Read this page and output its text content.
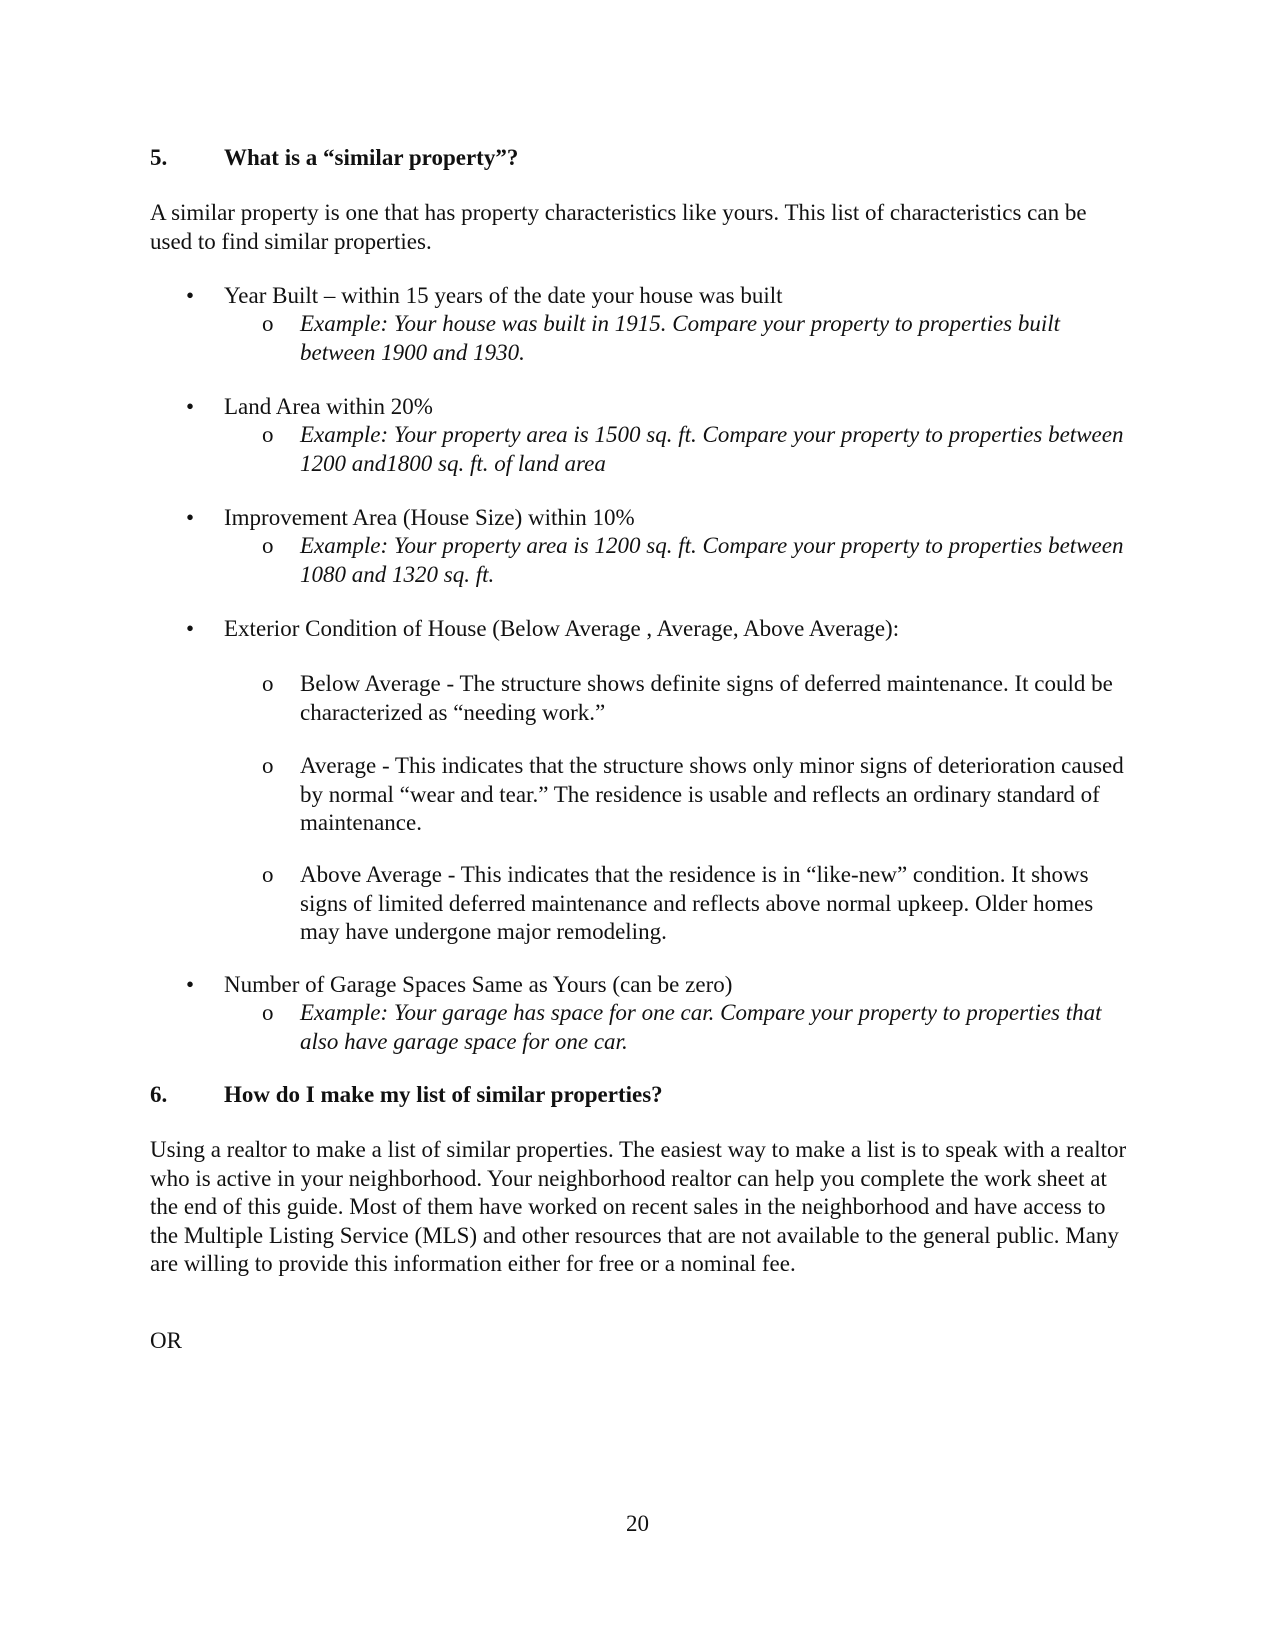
5. What is a “similar property”?
A similar property is one that has property characteristics like yours. This list of characteristics can be used to find similar properties.
• Year Built – within 15 years of the date your house was built
o Example: Your house was built in 1915. Compare your property to properties built between 1900 and 1930.
• Land Area within 20%
o Example: Your property area is 1500 sq. ft. Compare your property to properties between 1200 and1800 sq. ft. of land area
• Improvement Area (House Size) within 10%
o Example: Your property area is 1200 sq. ft. Compare your property to properties between 1080 and 1320 sq. ft.
• Exterior Condition of House (Below Average , Average, Above Average):
o Below Average - The structure shows definite signs of deferred maintenance. It could be characterized as “needing work.”
o Average - This indicates that the structure shows only minor signs of deterioration caused by normal “wear and tear.” The residence is usable and reflects an ordinary standard of maintenance.
o Above Average - This indicates that the residence is in “like-new” condition. It shows signs of limited deferred maintenance and reflects above normal upkeep. Older homes may have undergone major remodeling.
• Number of Garage Spaces Same as Yours (can be zero)
o Example: Your garage has space for one car. Compare your property to properties that also have garage space for one car.
6. How do I make my list of similar properties?
Using a realtor to make a list of similar properties. The easiest way to make a list is to speak with a realtor who is active in your neighborhood. Your neighborhood realtor can help you complete the work sheet at the end of this guide. Most of them have worked on recent sales in the neighborhood and have access to the Multiple Listing Service (MLS) and other resources that are not available to the general public. Many are willing to provide this information either for free or a nominal fee.
OR
20
